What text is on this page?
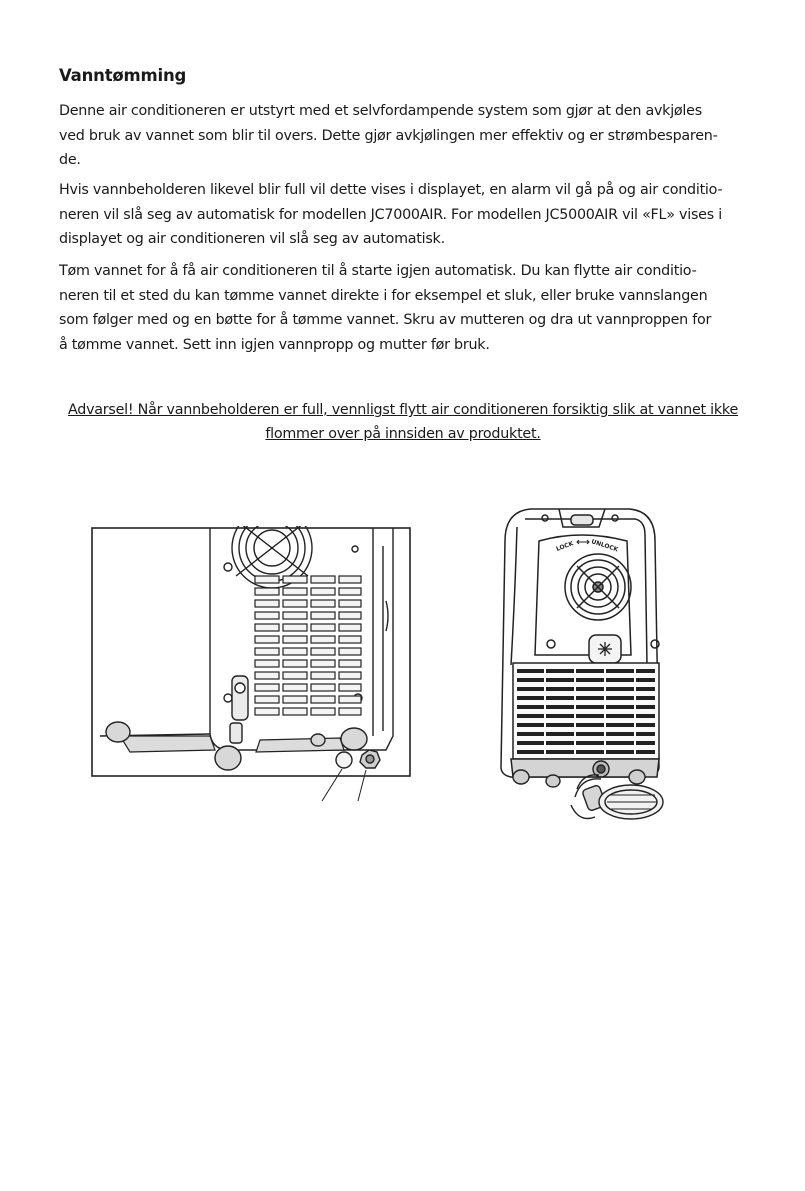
Vanntømming

Denne air conditioneren er utstyrt med et selvfordampende system som gjør at den avkjøles
ved bruk av vannet som blir til overs. Dette gjør avkjølingen mer effektiv og er strømbesparen-
de.

Hvis vannbeholderen likevel blir full vil dette vises i displayet, en alarm vil gå på og air conditio-
neren vil slå seg av automatisk for modellen JC7000AIR. For modellen JC5000AIR vil «FL» vises i
displayet og air conditioneren vil slå seg av automatisk.

Tøm vannet for å få air conditioneren til å starte igjen automatisk. Du kan flytte air conditio-
neren til et sted du kan tømme vannet direkte i for eksempel et sluk, eller bruke vannslangen
som følger med og en bøtte for å tømme vannet. Skru av mutteren og dra ut vannproppen for
å tømme vannet. Sett inn igjen vannpropp og mutter før bruk.

Advarsel! Når vannbeholderen er full, vennligst flytt air conditioneren forsiktig slik at vannet ikke
flommer over på innsiden av produktet.

LOCK	UNLOCK
